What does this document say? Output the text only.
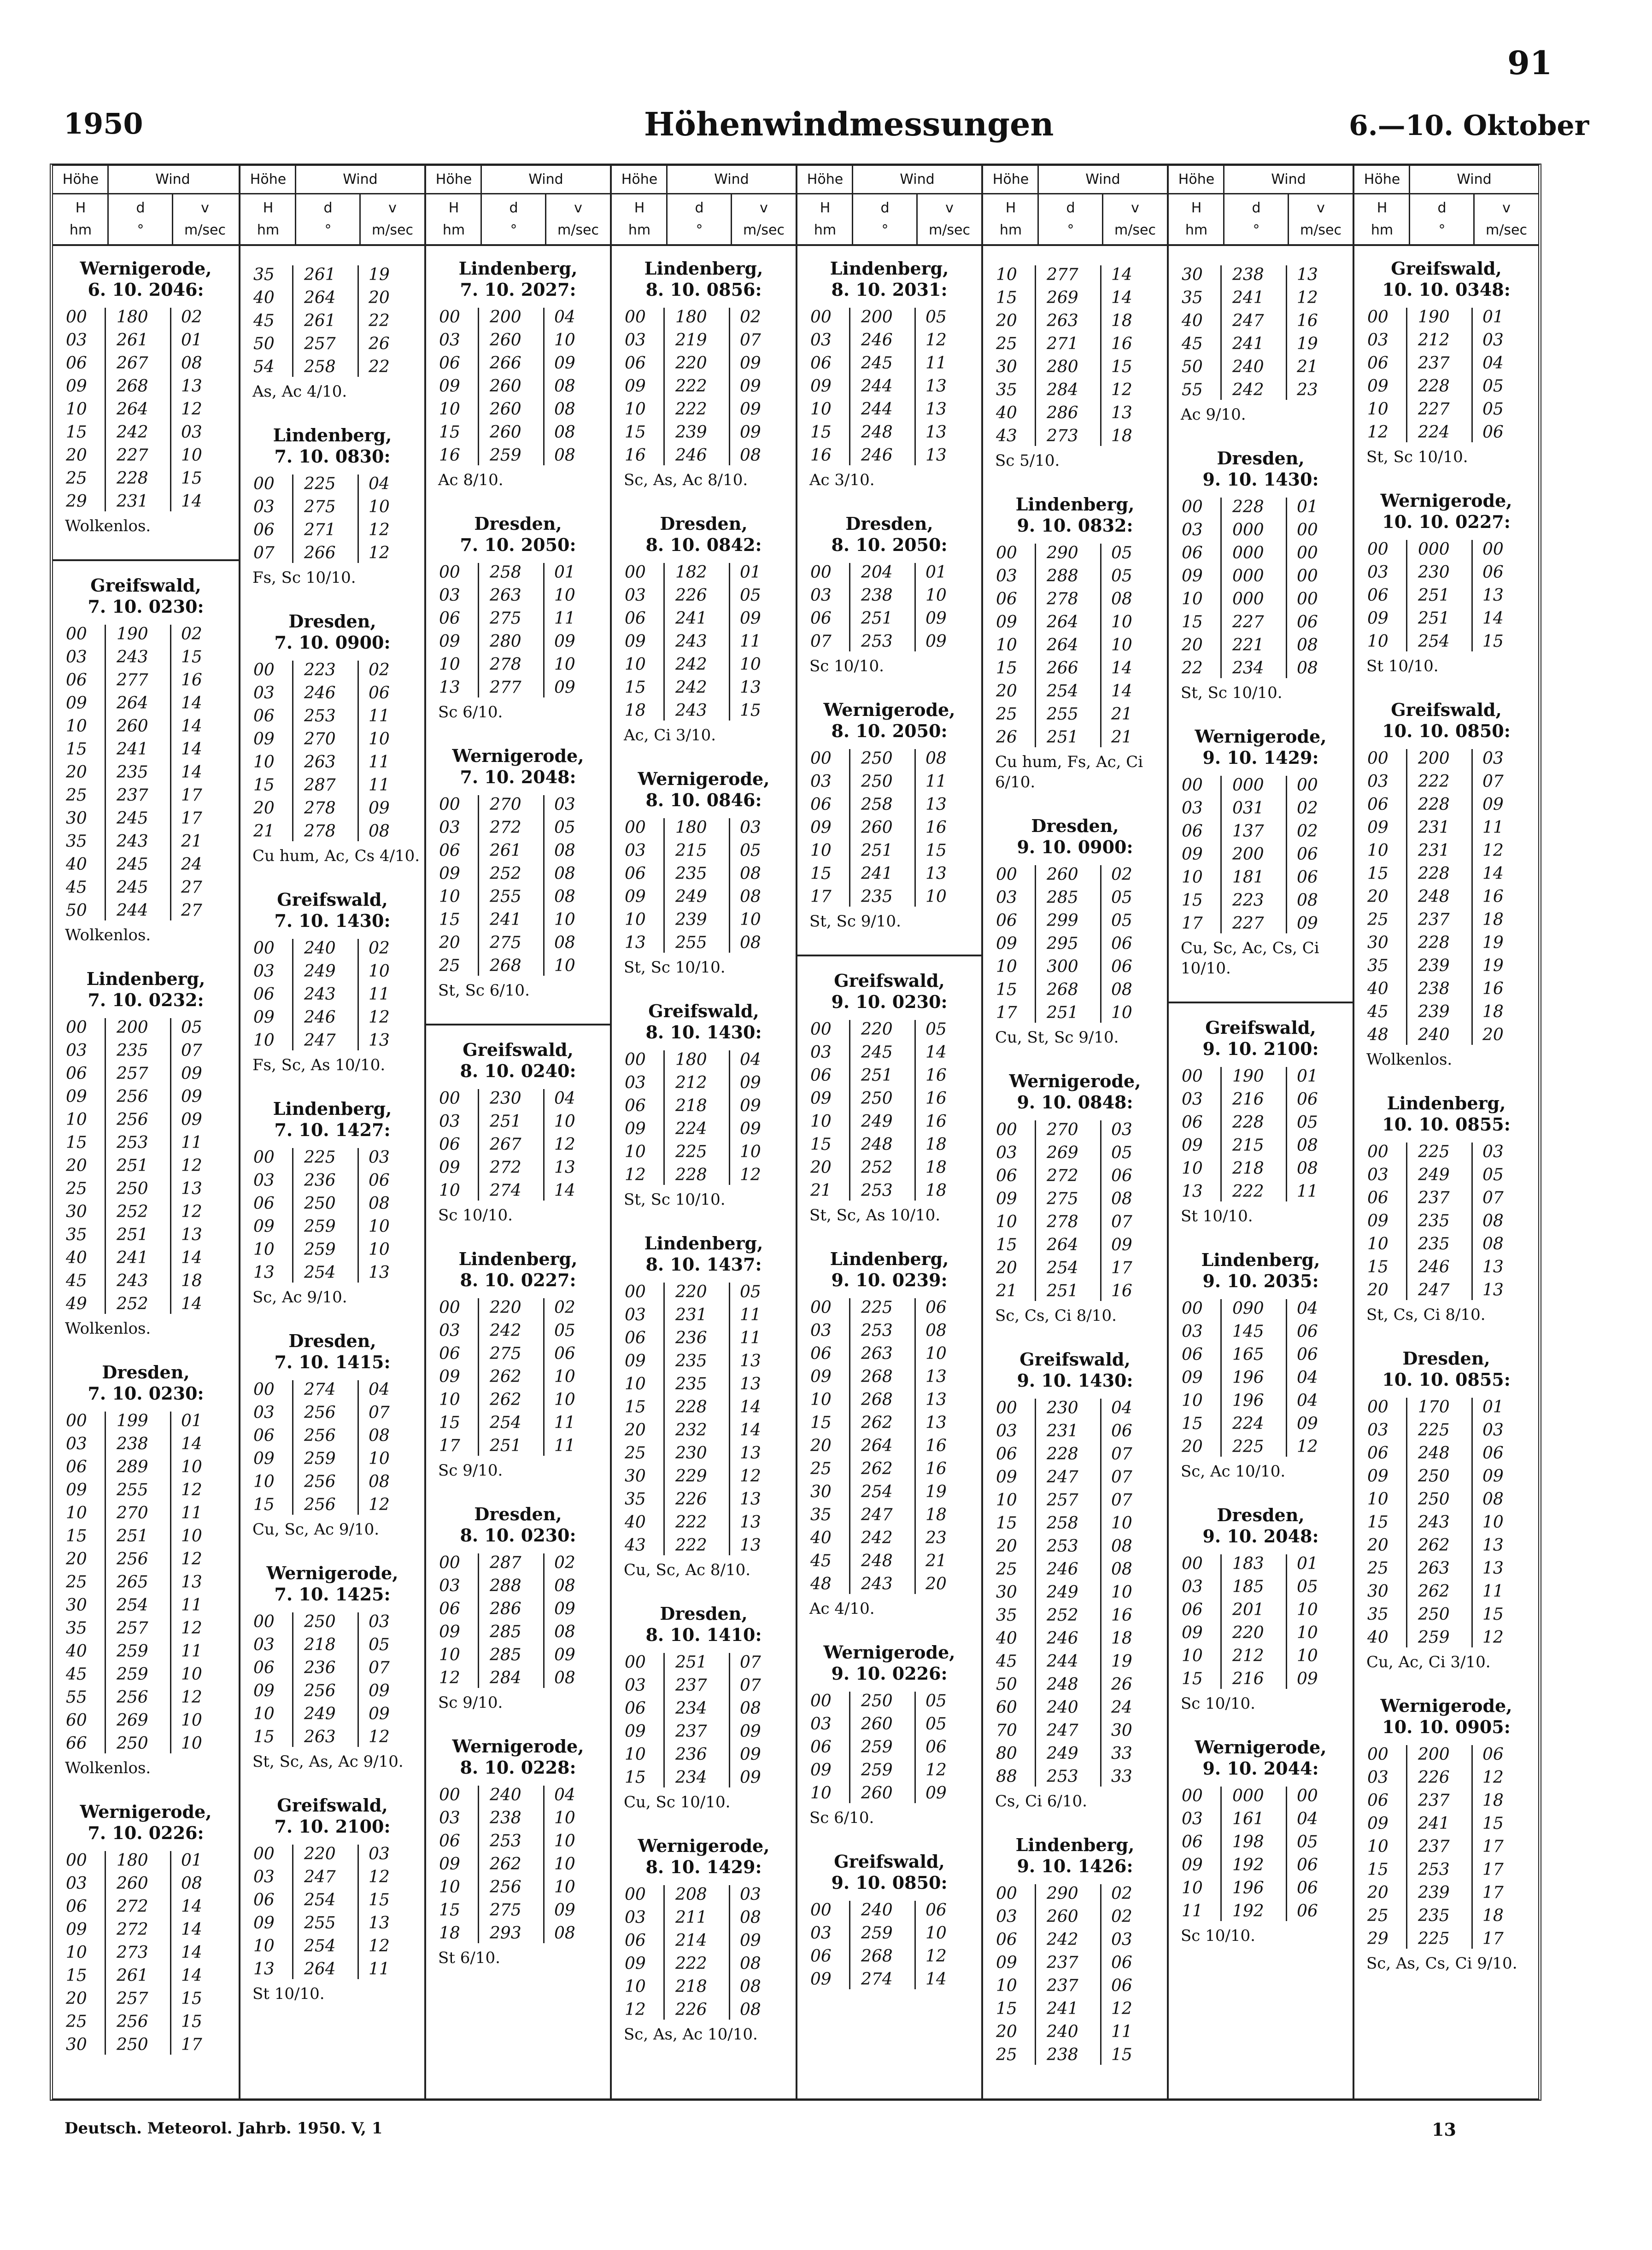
91
1950	Höhenwindmessungen	6.—10. Oktober
Höhe	Wind
H
hm
d
°
v
m/sec
Wernigerode,
6. 10. 2046:
00 180 02
03 261 01
06 267 08
09 268 13
10 264 12
15 242 03
20 227 10
25 228 15
29 231 14
Wolkenlos.
Greifswald,
7. 10. 0230:
00 190 02
03 243 15
06 277 16
09 264 14
10 260 14
15 241 14
20 235 14
25 237 17
30 245 17
35 243 21
40 245 24
45 245 27
50 244 27
Wolkenlos.
Lindenberg,
7. 10. 0232:
00 200 05
03 235 07
06 257 09
09 256 09
10 256 09
15 253 11
20 251 12
25 250 13
30 252 12
35 251 13
40 241 14
45 243 18
49 252 14
Wolkenlos.
Dresden,
7. 10. 0230:
00 199 01
03 238 14
06 289 10
09 255 12
10 270 11
15 251 10
20 256 12
25 265 13
30 254 11
35 257 12
40 259 11
45 259 10
55 256 12
60 269 10
66 250 10
Wolkenlos.
Wernigerode,
7. 10. 0226:
00 180 01
03 260 08
06 272 14
09 272 14
10 273 14
15 261 14
20 257 15
25 256 15
30 250 17
Höhe	Wind
H
hm
d
°
v
m/sec
35 261 19
40 264 20
45 261 22
50 257 26
54 258 22
As, Ac 4/10.
Lindenberg,
7. 10. 0830:
00 225 04
03 275 10
06 271 12
07 266 12
Fs, Sc 10/10.
Dresden,
7. 10. 0900:
00 223 02
03 246 06
06 253 11
09 270 10
10 263 11
15 287 11
20 278 09
21 278 08
Cu hum, Ac, Cs 4/10.
Greifswald,
7. 10. 1430:
00 240 02
03 249 10
06 243 11
09 246 12
10 247 13
Fs, Sc, As 10/10.
Lindenberg,
7. 10. 1427:
00 225 03
03 236 06
06 250 08
09 259 10
10 259 10
13 254 13
Sc, Ac 9/10.
Dresden,
7. 10. 1415:
00 274 04
03 256 07
06 256 08
09 259 10
10 256 08
15 256 12
Cu, Sc, Ac 9/10.
Wernigerode,
7. 10. 1425:
00 250 03
03 218 05
06 236 07
09 256 09
10 249 09
15 263 12
St, Sc, As, Ac 9/10.
Greifswald,
7. 10. 2100:
00 220 03
03 247 12
06 254 15
09 255 13
10 254 12
13 264 11
St 10/10.
Höhe	Wind
H
hm
d
°
v
m/sec
Lindenberg,
7. 10. 2027:
00 200 04
03 260 10
06 266 09
09 260 08
10 260 08
15 260 08
16 259 08
Ac 8/10.
Dresden,
7. 10. 2050:
00 258 01
03 263 10
06 275 11
09 280 09
10 278 10
13 277 09
Sc 6/10.
Wernigerode,
7. 10. 2048:
00 270 03
03 272 05
06 261 08
09 252 08
10 255 08
15 241 10
20 275 08
25 268 10
St, Sc 6/10.
Greifswald,
8. 10. 0240:
00 230 04
03 251 10
06 267 12
09 272 13
10 274 14
Sc 10/10.
Lindenberg,
8. 10. 0227:
00 220 02
03 242 05
06 275 06
09 262 10
10 262 10
15 254 11
17 251 11
Sc 9/10.
Dresden,
8. 10. 0230:
00 287 02
03 288 08
06 286 09
09 285 08
10 285 09
12 284 08
Sc 9/10.
Wernigerode,
8. 10. 0228:
00 240 04
03 238 10
06 253 10
09 262 10
10 256 10
15 275 09
18 293 08
St 6/10.
Höhe	Wind
H
hm
d
°
v
m/sec
Lindenberg,
8. 10. 0856:
00 180 02
03 219 07
06 220 09
09 222 09
10 222 09
15 239 09
16 246 08
Sc, As, Ac 8/10.
Dresden,
8. 10. 0842:
00 182 01
03 226 05
06 241 09
09 243 11
10 242 10
15 242 13
18 243 15
Ac, Ci 3/10.
Wernigerode,
8. 10. 0846:
00 180 03
03 215 05
06 235 08
09 249 08
10 239 10
13 255 08
St, Sc 10/10.
Greifswald,
8. 10. 1430:
00 180 04
03 212 09
06 218 09
09 224 09
10 225 10
12 228 12
St, Sc 10/10.
Lindenberg,
8. 10. 1437:
00 220 05
03 231 11
06 236 11
09 235 13
10 235 13
15 228 14
20 232 14
25 230 13
30 229 12
35 226 13
40 222 13
43 222 13
Cu, Sc, Ac 8/10.
Dresden,
8. 10. 1410:
00 251 07
03 237 07
06 234 08
09 237 09
10 236 09
15 234 09
Cu, Sc 10/10.
Wernigerode,
8. 10. 1429:
00 208 03
03 211 08
06 214 09
09 222 08
10 218 08
12 226 08
Sc, As, Ac 10/10.
Höhe	Wind
H
hm
d
°
v
m/sec
Lindenberg,
8. 10. 2031:
00 200 05
03 246 12
06 245 11
09 244 13
10 244 13
15 248 13
16 246 13
Ac 3/10.
Dresden,
8. 10. 2050:
00 204 01
03 238 10
06 251 09
07 253 09
Sc 10/10.
Wernigerode,
8. 10. 2050:
00 250 08
03 250 11
06 258 13
09 260 16
10 251 15
15 241 13
17 235 10
St, Sc 9/10.
Greifswald,
9. 10. 0230:
00 220 05
03 245 14
06 251 16
09 250 16
10 249 16
15 248 18
20 252 18
21 253 18
St, Sc, As 10/10.
Lindenberg,
9. 10. 0239:
00 225 06
03 253 08
06 263 10
09 268 13
10 268 13
15 262 13
20 264 16
25 262 16
30 254 19
35 247 18
40 242 23
45 248 21
48 243 20
Ac 4/10.
Wernigerode,
9. 10. 0226:
00 250 05
03 260 05
06 259 06
09 259 12
10 260 09
Sc 6/10.
Greifswald,
9. 10. 0850:
00 240 06
03 259 10
06 268 12
09 274 14
Höhe	Wind
H
hm
d
°
v
m/sec
10 277 14
15 269 14
20 263 18
25 271 16
30 280 15
35 284 12
40 286 13
43 273 18
Sc 5/10.
Lindenberg,
9. 10. 0832:
00 290 05
03 288 05
06 278 08
09 264 10
10 264 10
15 266 14
20 254 14
25 255 21
26 251 21
Cu hum, Fs, Ac, Ci 6/10.
Dresden,
9. 10. 0900:
00 260 02
03 285 05
06 299 05
09 295 06
10 300 06
15 268 08
17 251 10
Cu, St, Sc 9/10.
Wernigerode,
9. 10. 0848:
00 270 03
03 269 05
06 272 06
09 275 08
10 278 07
15 264 09
20 254 17
21 251 16
Sc, Cs, Ci 8/10.
Greifswald,
9. 10. 1430:
00 230 04
03 231 06
06 228 07
09 247 07
10 257 07
15 258 10
20 253 08
25 246 08
30 249 10
35 252 16
40 246 18
45 244 19
50 248 26
60 240 24
70 247 30
80 249 33
88 253 33
Cs, Ci 6/10.
Lindenberg,
9. 10. 1426:
00 290 02
03 260 02
06 242 03
09 237 06
10 237 06
15 241 12
20 240 11
25 238 15
Höhe	Wind
H
hm
d
°
v
m/sec
30 238 13
35 241 12
40 247 16
45 241 19
50 240 21
55 242 23
Ac 9/10.
Dresden,
9. 10. 1430:
00 228 01
03 000 00
06 000 00
09 000 00
10 000 00
15 227 06
20 221 08
22 234 08
St, Sc 10/10.
Wernigerode,
9. 10. 1429:
00 000 00
03 031 02
06 137 02
09 200 06
10 181 06
15 223 08
17 227 09
Cu, Sc, Ac, Cs, Ci 10/10.
Greifswald,
9. 10. 2100:
00 190 01
03 216 06
06 228 05
09 215 08
10 218 08
13 222 11
St 10/10.
Lindenberg,
9. 10. 2035:
00 090 04
03 145 06
06 165 06
09 196 04
10 196 04
15 224 09
20 225 12
Sc, Ac 10/10.
Dresden,
9. 10. 2048:
00 183 01
03 185 05
06 201 10
09 220 10
10 212 10
15 216 09
Sc 10/10.
Wernigerode,
9. 10. 2044:
00 000 00
03 161 04
06 198 05
09 192 06
10 196 06
11 192 06
Sc 10/10.
Höhe	Wind
H
hm
d
°
v
m/sec
Greifswald,
10. 10. 0348:
00 190 01
03 212 03
06 237 04
09 228 05
10 227 05
12 224 06
St, Sc 10/10.
Wernigerode,
10. 10. 0227:
00 000 00
03 230 06
06 251 13
09 251 14
10 254 15
St 10/10.
Greifswald,
10. 10. 0850:
00 200 03
03 222 07
06 228 09
09 231 11
10 231 12
15 228 14
20 248 16
25 237 18
30 228 19
35 239 19
40 238 16
45 239 18
48 240 20
Wolkenlos.
Lindenberg,
10. 10. 0855:
00 225 03
03 249 05
06 237 07
09 235 08
10 235 08
15 246 13
20 247 13
St, Cs, Ci 8/10.
Dresden,
10. 10. 0855:
00 170 01
03 225 03
06 248 06
09 250 09
10 250 08
15 243 10
20 262 13
25 263 13
30 262 11
35 250 15
40 259 12
Cu, Ac, Ci 3/10.
Wernigerode,
10. 10. 0905:
00 200 06
03 226 12
06 237 18
09 241 15
10 237 17
15 253 17
20 239 17
25 235 18
29 225 17
Sc, As, Cs, Ci 9/10.
Deutsch. Meteorol. Jahrb. 1950. V, 1	13
